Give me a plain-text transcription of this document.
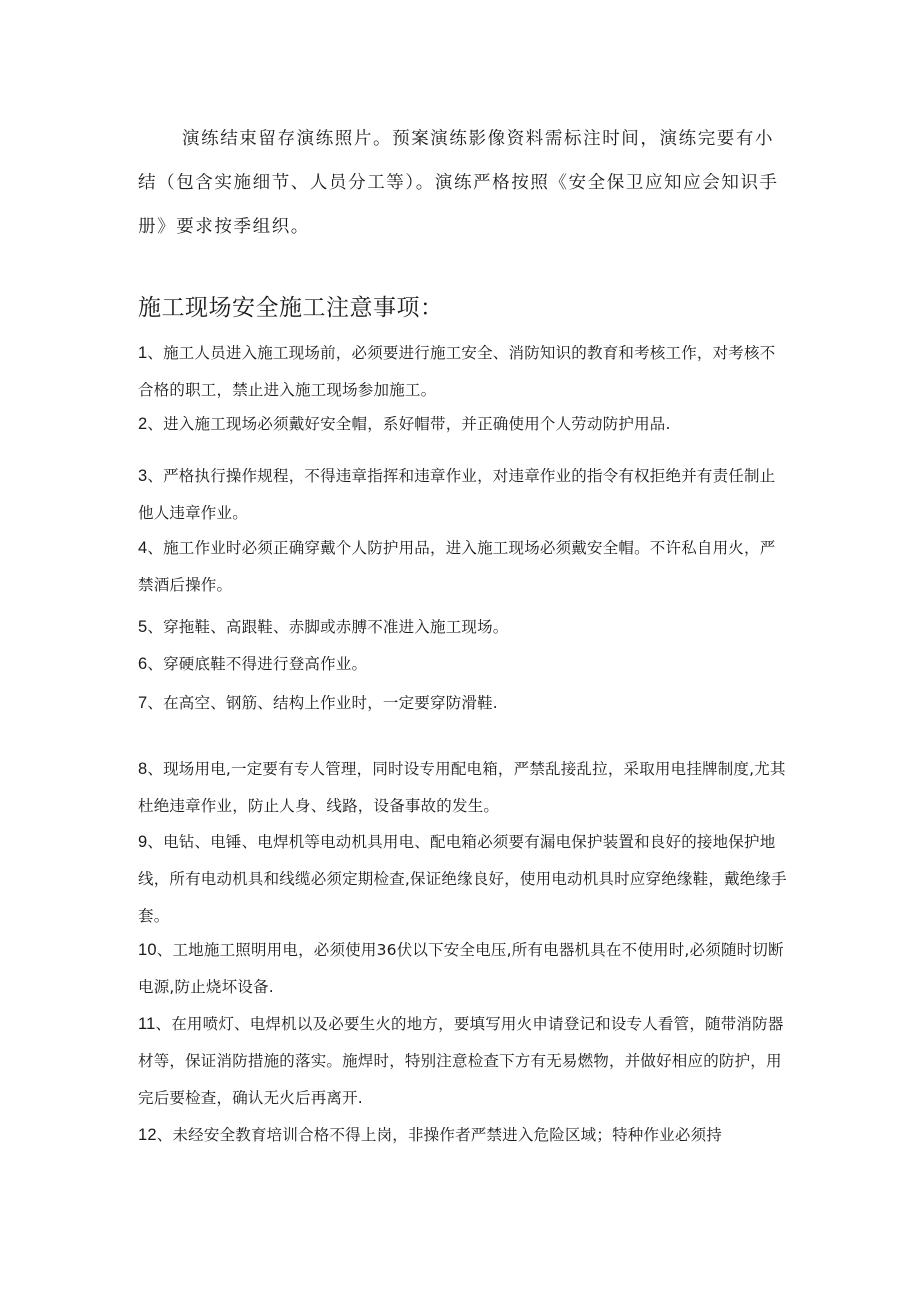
演练结束留存演练照片。预案演练影像资料需标注时间，演练完要有小结（包含实施细节、人员分工等）。演练严格按照《安全保卫应知应会知识手册》要求按季组织。

施工现场安全施工注意事项：

1、施工人员进入施工现场前，必须要进行施工安全、消防知识的教育和考核工作，对考核不合格的职工，禁止进入施工现场参加施工。

2、进入施工现场必须戴好安全帽，系好帽带，并正确使用个人劳动防护用品.

3、严格执行操作规程，不得违章指挥和违章作业，对违章作业的指令有权拒绝并有责任制止他人违章作业。

4、施工作业时必须正确穿戴个人防护用品，进入施工现场必须戴安全帽。不许私自用火，严禁酒后操作。

5、穿拖鞋、高跟鞋、赤脚或赤膊不准进入施工现场。

6、穿硬底鞋不得进行登高作业。

7、在高空、钢筋、结构上作业时，一定要穿防滑鞋.

8、现场用电,一定要有专人管理，同时设专用配电箱，严禁乱接乱拉，采取用电挂牌制度,尤其杜绝违章作业，防止人身、线路，设备事故的发生。

9、电钻、电锤、电焊机等电动机具用电、配电箱必须要有漏电保护装置和良好的接地保护地线，所有电动机具和线缆必须定期检查,保证绝缘良好，使用电动机具时应穿绝缘鞋，戴绝缘手套。

10、工地施工照明用电，必须使用36伏以下安全电压,所有电器机具在不使用时,必须随时切断电源,防止烧坏设备.

11、在用喷灯、电焊机以及必要生火的地方，要填写用火申请登记和设专人看管，随带消防器材等，保证消防措施的落实。施焊时，特别注意检查下方有无易燃物，并做好相应的防护，用完后要检查，确认无火后再离开.

12、未经安全教育培训合格不得上岗，非操作者严禁进入危险区域；特种作业必须持
